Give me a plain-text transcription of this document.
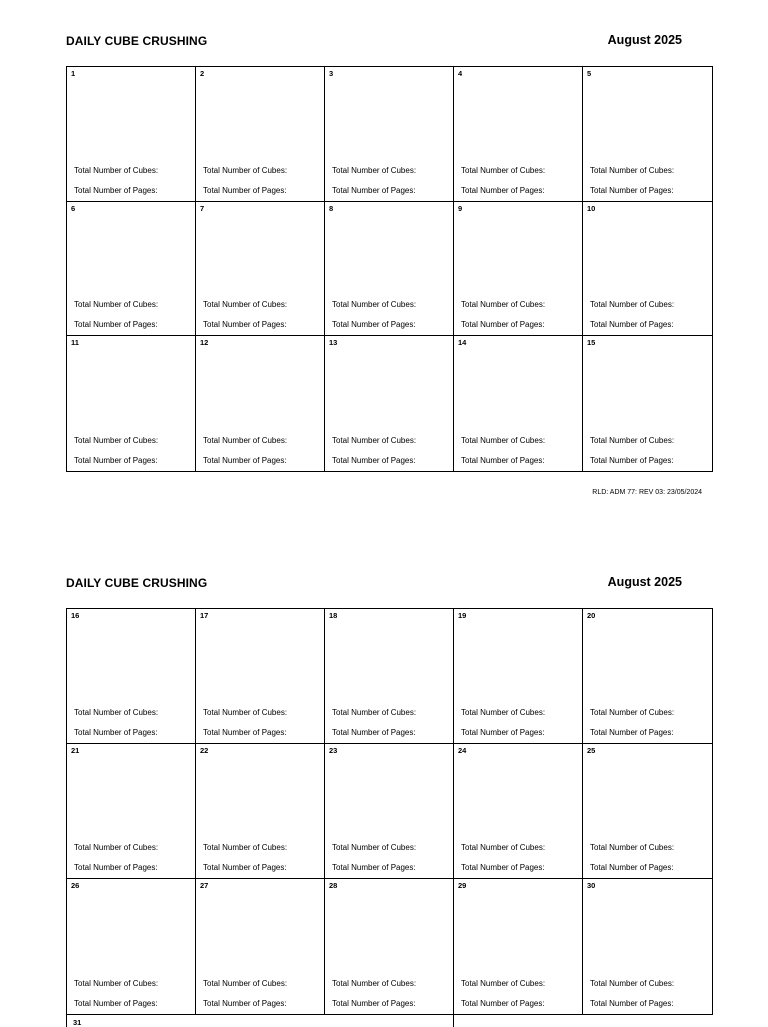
DAILY CUBE CRUSHING	August 2025
1
Total Number of Cubes:
Total Number of Pages:
2
Total Number of Cubes:
Total Number of Pages:
3
Total Number of Cubes:
Total Number of Pages:
4
Total Number of Cubes:
Total Number of Pages:
5
Total Number of Cubes:
Total Number of Pages:
6
Total Number of Cubes:
Total Number of Pages:
7
Total Number of Cubes:
Total Number of Pages:
8
Total Number of Cubes:
Total Number of Pages:
9
Total Number of Cubes:
Total Number of Pages:
10
Total Number of Cubes:
Total Number of Pages:
11
Total Number of Cubes:
Total Number of Pages:
12
Total Number of Cubes:
Total Number of Pages:
13
Total Number of Cubes:
Total Number of Pages:
14
Total Number of Cubes:
Total Number of Pages:
15
Total Number of Cubes:
Total Number of Pages:
RLD: ADM 77: REV 03: 23/05/2024
DAILY CUBE CRUSHING	August 2025
16
Total Number of Cubes:
Total Number of Pages:
17
Total Number of Cubes:
Total Number of Pages:
18
Total Number of Cubes:
Total Number of Pages:
19
Total Number of Cubes:
Total Number of Pages:
20
Total Number of Cubes:
Total Number of Pages:
21
Total Number of Cubes:
Total Number of Pages:
22
Total Number of Cubes:
Total Number of Pages:
23
Total Number of Cubes:
Total Number of Pages:
24
Total Number of Cubes:
Total Number of Pages:
25
Total Number of Cubes:
Total Number of Pages:
26
Total Number of Cubes:
Total Number of Pages:
27
Total Number of Cubes:
Total Number of Pages:
28
Total Number of Cubes:
Total Number of Pages:
29
Total Number of Cubes:
Total Number of Pages:
30
Total Number of Cubes:
Total Number of Pages:
31
